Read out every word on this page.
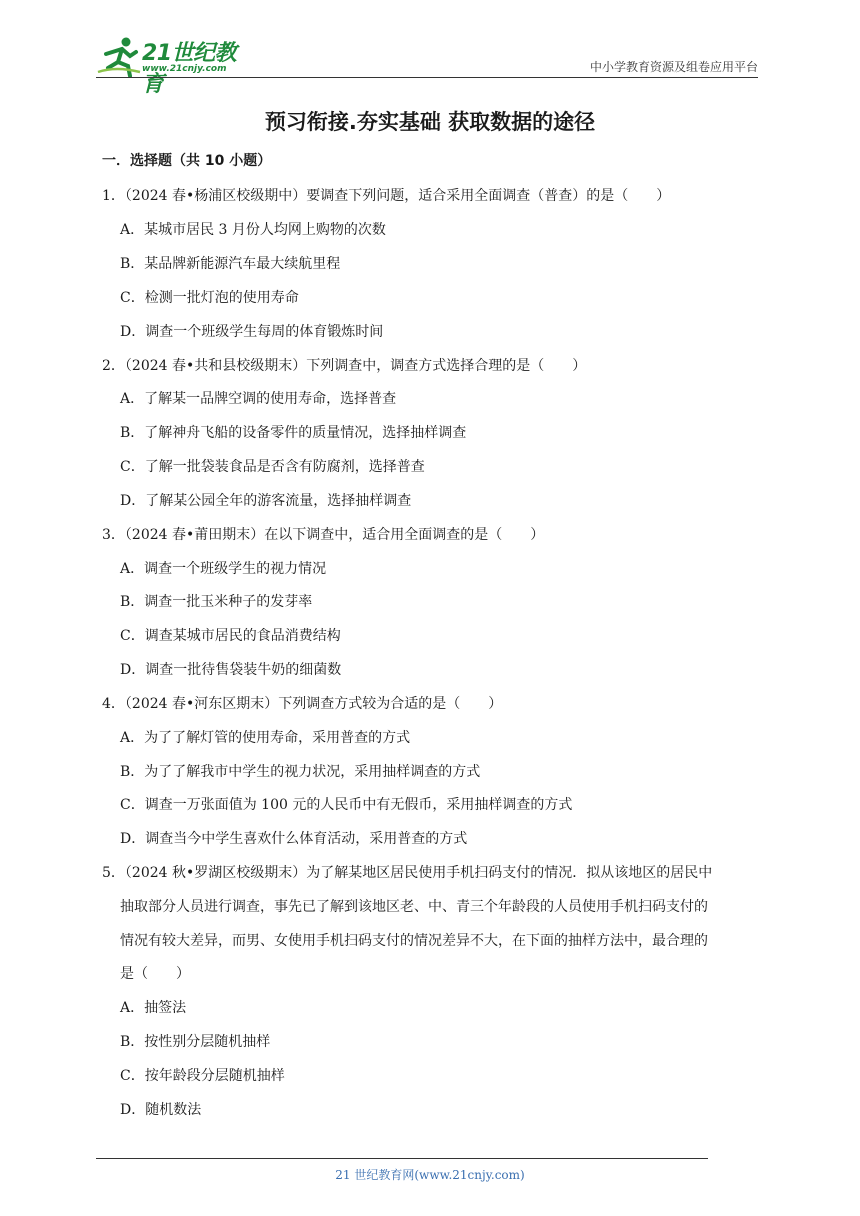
21世纪教育
www.21cnjy.com	中小学教育资源及组卷应用平台
预习衔接.夯实基础 获取数据的途径
一．选择题（共 10 小题）
1．（2024 春•杨浦区校级期中）要调查下列问题，适合采用全面调查（普查）的是（　　）
A．某城市居民 3 月份人均网上购物的次数
B．某品牌新能源汽车最大续航里程
C．检测一批灯泡的使用寿命
D．调查一个班级学生每周的体育锻炼时间
2．（2024 春•共和县校级期末）下列调查中，调查方式选择合理的是（　　）
A．了解某一品牌空调的使用寿命，选择普查
B．了解神舟飞船的设备零件的质量情况，选择抽样调查
C．了解一批袋装食品是否含有防腐剂，选择普查
D．了解某公园全年的游客流量，选择抽样调查
3．（2024 春•莆田期末）在以下调查中，适合用全面调查的是（　　）
A．调查一个班级学生的视力情况
B．调查一批玉米种子的发芽率
C．调查某城市居民的食品消费结构
D．调查一批待售袋装牛奶的细菌数
4．（2024 春•河东区期末）下列调查方式较为合适的是（　　）
A．为了了解灯管的使用寿命，采用普查的方式
B．为了了解我市中学生的视力状况，采用抽样调查的方式
C．调查一万张面值为 100 元的人民币中有无假币，采用抽样调查的方式
D．调查当今中学生喜欢什么体育活动，采用普查的方式
5．（2024 秋•罗湖区校级期末）为了解某地区居民使用手机扫码支付的情况．拟从该地区的居民中
抽取部分人员进行调查，事先已了解到该地区老、中、青三个年龄段的人员使用手机扫码支付的
情况有较大差异，而男、女使用手机扫码支付的情况差异不大，在下面的抽样方法中，最合理的
是（　　）
A．抽签法
B．按性别分层随机抽样
C．按年龄段分层随机抽样
D．随机数法
21 世纪教育网(www.21cnjy.com)
